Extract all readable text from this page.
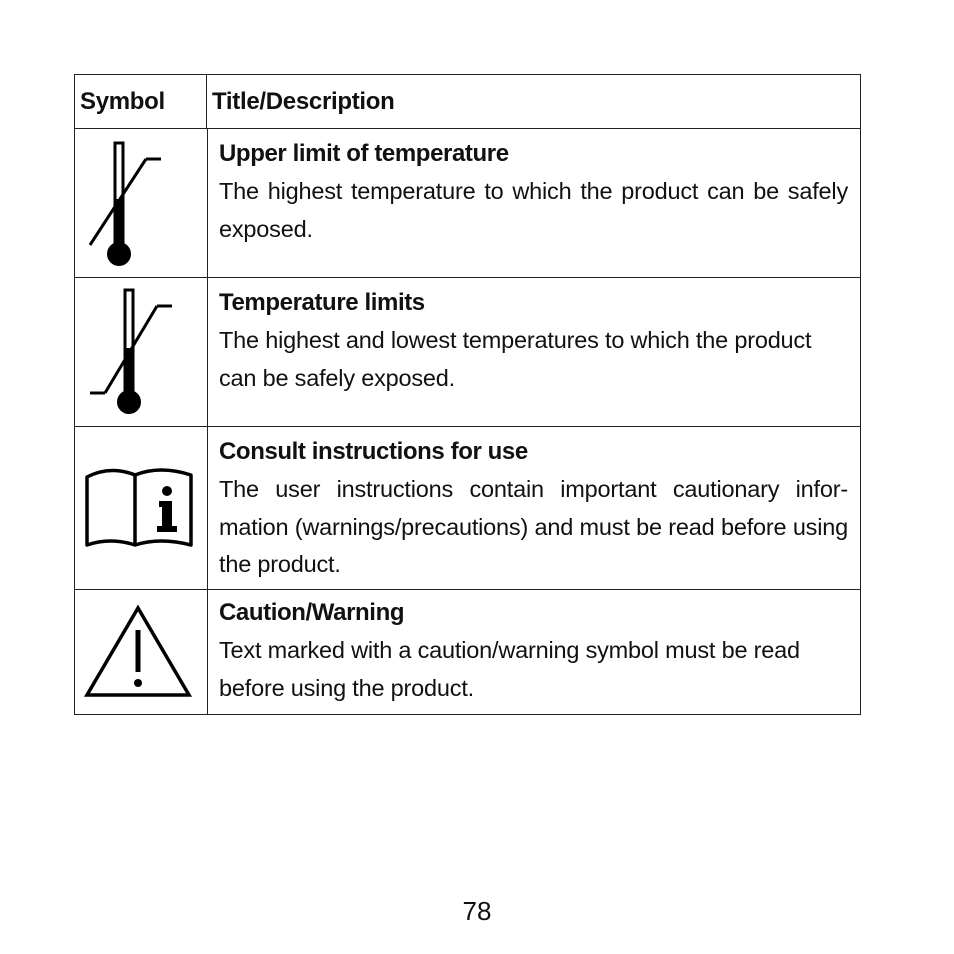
Symbol	Title/Description
Upper limit of temperature
The highest temperature to which the product can be safely exposed.
Temperature limits
The highest and lowest temperatures to which the product can be safely exposed.
Consult instructions for use
The user instructions contain important cautionary infor-mation (warnings/precautions) and must be read before using the product.
Caution/Warning
Text marked with a caution/warning symbol must be read before using the product.
78
